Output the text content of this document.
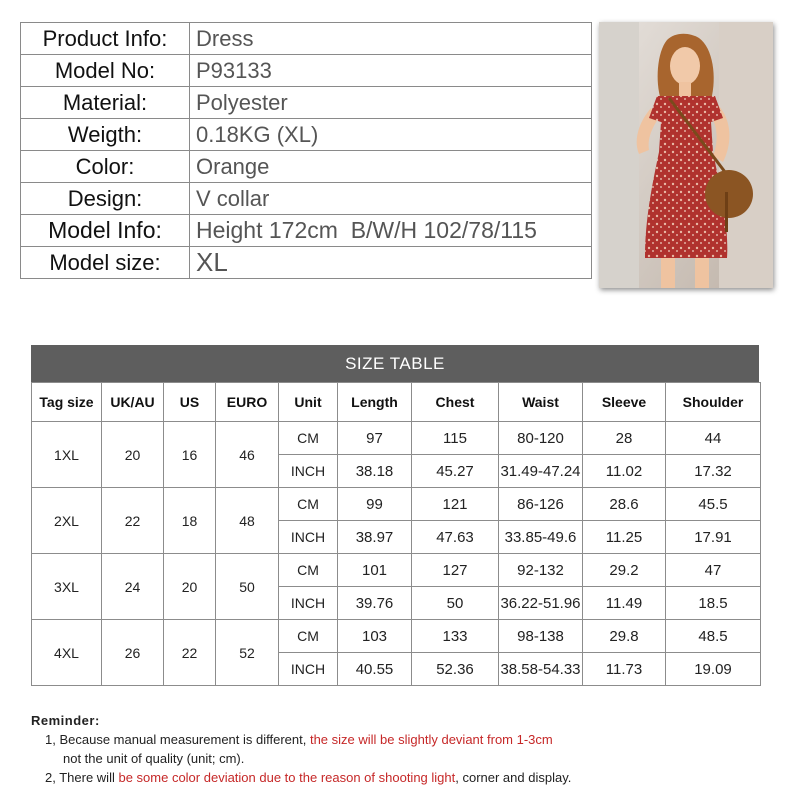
Product Info:	Dress
Model No:	P93133
Material:	Polyester
Weigth:	0.18KG (XL)
Color:	Orange
Design:	V collar
Model Info:	Height 172cm  B/W/H 102/78/115
Model size:	XL
SIZE TABLE
Tag size	UK/AU	US	EURO	Unit	Length	Chest	Waist	Sleeve	Shoulder
1XL	20	16	46	CM	97	115	80-120	28	44
				INCH	38.18	45.27	31.49-47.24	11.02	17.32
2XL	22	18	48	CM	99	121	86-126	28.6	45.5
				INCH	38.97	47.63	33.85-49.6	11.25	17.91
3XL	24	20	50	CM	101	127	92-132	29.2	47
				INCH	39.76	50	36.22-51.96	11.49	18.5
4XL	26	22	52	CM	103	133	98-138	29.8	48.5
				INCH	40.55	52.36	38.58-54.33	11.73	19.09
Reminder:
1, Because manual measurement is different, the size will be slightly deviant from 1-3cm
not the unit of quality (unit; cm).
2, There will be some color deviation due to the reason of shooting light, corner and display.
